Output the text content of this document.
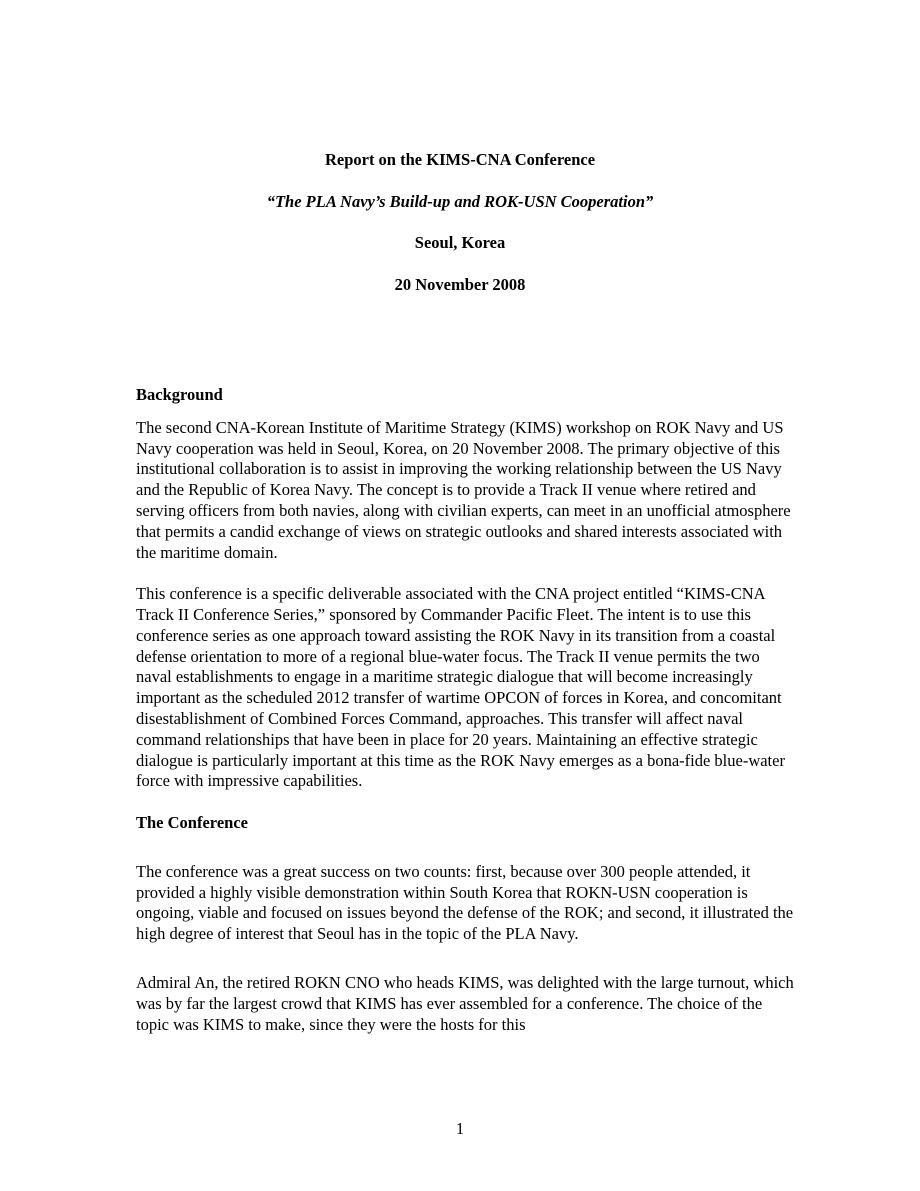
Report on the KIMS-CNA Conference
“The PLA Navy’s Build-up and ROK-USN Cooperation”
Seoul, Korea
20 November 2008
Background

The second CNA-Korean Institute of Maritime Strategy (KIMS) workshop on ROK Navy and US Navy cooperation was held in Seoul, Korea, on 20 November 2008. The primary objective of this institutional collaboration is to assist in improving the working relationship between the US Navy and the Republic of Korea Navy. The concept is to provide a Track II venue where retired and serving officers from both navies, along with civilian experts, can meet in an unofficial atmosphere that permits a candid exchange of views on strategic outlooks and shared interests associated with the maritime domain.

This conference is a specific deliverable associated with the CNA project entitled “KIMS-CNA Track II Conference Series,” sponsored by Commander Pacific Fleet. The intent is to use this conference series as one approach toward assisting the ROK Navy in its transition from a coastal defense orientation to more of a regional blue-water focus. The Track II venue permits the two naval establishments to engage in a maritime strategic dialogue that will become increasingly important as the scheduled 2012 transfer of wartime OPCON of forces in Korea, and concomitant disestablishment of Combined Forces Command, approaches. This transfer will affect naval command relationships that have been in place for 20 years. Maintaining an effective strategic dialogue is particularly important at this time as the ROK Navy emerges as a bona-fide blue-water force with impressive capabilities.

The Conference

The conference was a great success on two counts: first, because over 300 people attended, it provided a highly visible demonstration within South Korea that ROKN-USN cooperation is ongoing, viable and focused on issues beyond the defense of the ROK; and second, it illustrated the high degree of interest that Seoul has in the topic of the PLA Navy.

Admiral An, the retired ROKN CNO who heads KIMS, was delighted with the large turnout, which was by far the largest crowd that KIMS has ever assembled for a conference. The choice of the topic was KIMS to make, since they were the hosts for this

1
